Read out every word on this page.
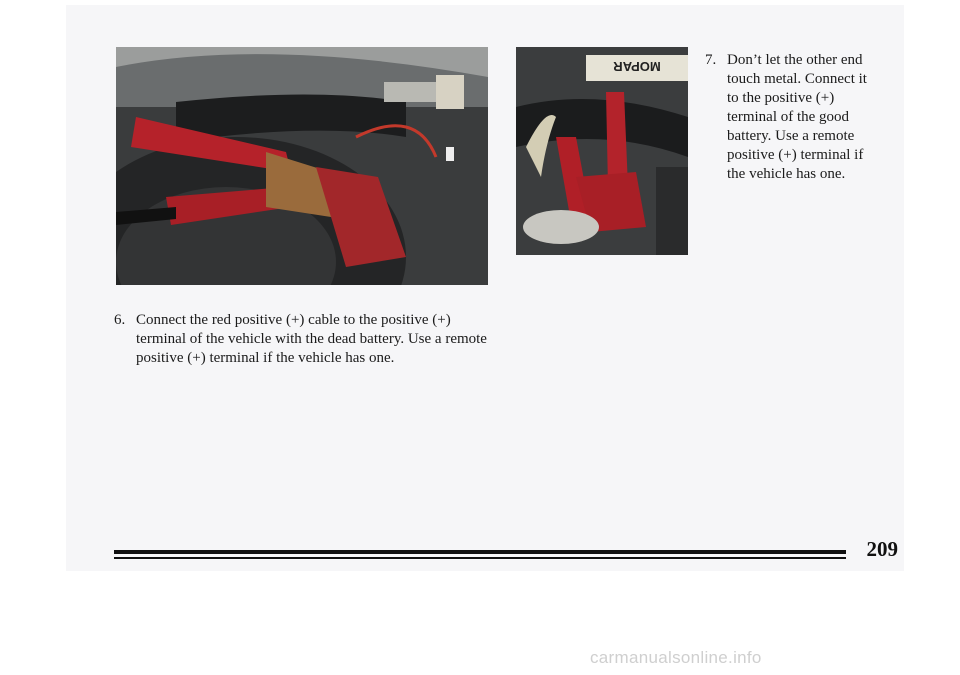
MOPAR	7. Don’t let the other end touch metal. Connect it to the positive (+) terminal of the good battery. Use a remote positive (+) terminal if the vehicle has one.
6. Connect the red positive (+) cable to the positive (+) terminal of the vehicle with the dead battery. Use a remote positive (+) terminal if the vehicle has one.
209
carmanualsonline.info
